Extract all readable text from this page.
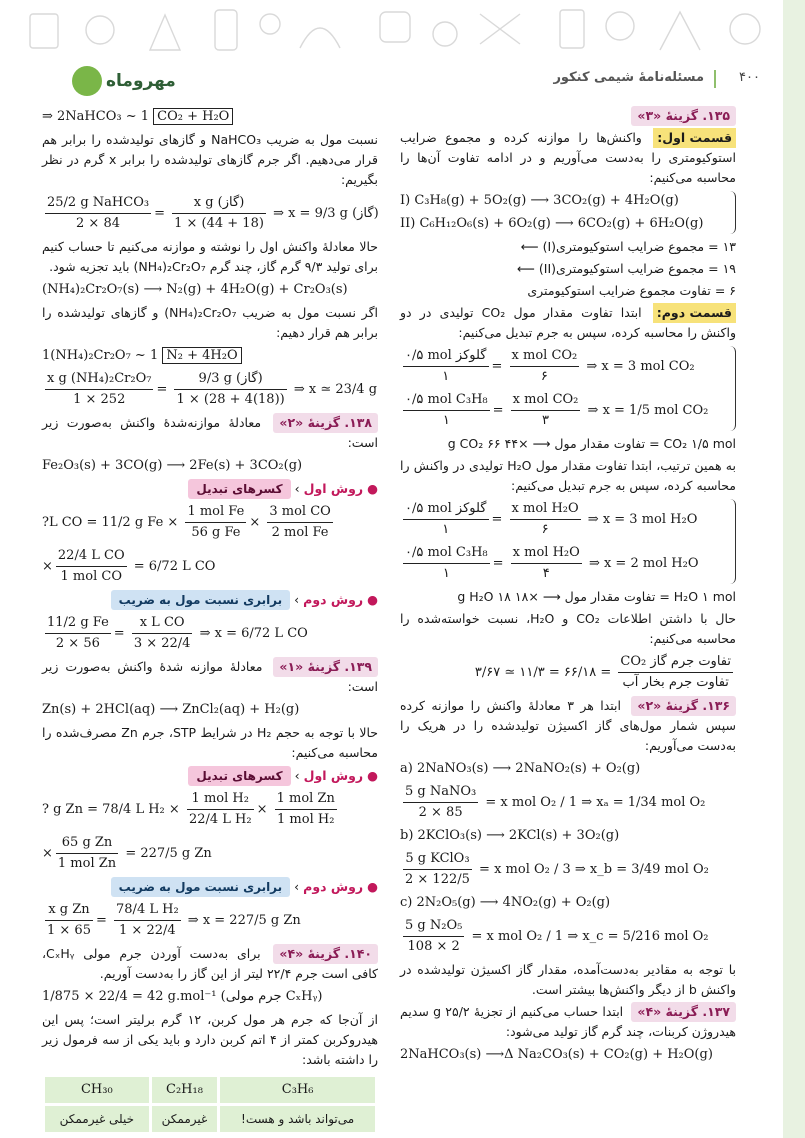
۴۰۰
مسئله‌نامهٔ شیمی کنکور
مهروماه
۱۳۵. گزینهٔ «۳»
قسمت اول: واکنش‌ها را موازنه کرده و مجموع ضرایب استوکیومتری را به‌دست می‌آوریم و در ادامه تفاوت آن‌ها را محاسبه می‌کنیم:
I) C₃H₈(g) + 5O₂(g) ⟶ 3CO₂(g) + 4H₂O(g)
II) C₆H₁₂O₆(s) + 6O₂(g) ⟶ 6CO₂(g) + 6H₂O(g)
۱۳ = مجموع ضرایب استوکیومتری(I) ⟵
۱۹ = مجموع ضرایب استوکیومتری(II) ⟵
۶ = تفاوت مجموع ضرایب استوکیومتری
قسمت دوم: ابتدا تفاوت مقدار مول CO₂ تولیدی در دو واکنش را محاسبه کرده، سپس به جرم تبدیل می‌کنیم:
$\frac{\text{۰/۵ mol گلوکز}}{۱} = \frac{\text{x mol CO₂}}{۶}$ ⇒ x = 3 mol CO₂
$\frac{\text{۰/۵ mol C₃H₈}}{۱} = \frac{\text{x mol CO₂}}{۳}$ ⇒ x = 1/5 mol CO₂
CO₂ ۱/۵ mol = تفاوت مقدار مول ⟶ ×۴۴ ۶۶ g CO₂
به همین ترتیب، ابتدا تفاوت مقدار مول H₂O تولیدی در واکنش را محاسبه کرده، سپس به جرم تبدیل می‌کنیم:
$\frac{\text{۰/۵ mol گلوکز}}{۱} = \frac{\text{x mol H₂O}}{۶}$ ⇒ x = 3 mol H₂O
$\frac{\text{۰/۵ mol C₃H₈}}{۱} = \frac{\text{x mol H₂O}}{۴}$ ⇒ x = 2 mol H₂O
H₂O ۱ mol = تفاوت مقدار مول ⟶ ×۱۸ ۱۸ g H₂O
حال با داشتن اطلاعات CO₂ و H₂O، نسبت خواسته‌شده را محاسبه می‌کنیم:
$\frac{\text{تفاوت جرم گاز CO₂}}{\text{تفاوت جرم بخار آب}}$
= ۶۶/۱۸ = ۱۱/۳ ≃ ۳/۶۷
۱۳۶. گزینهٔ «۲» ابتدا هر ۳ معادلهٔ واکنش را موازنه کرده سپس شمار مول‌های گاز اکسیژن تولیدشده را در هریک را به‌دست می‌آوریم:
a) 2NaNO₃(s) ⟶ 2NaNO₂(s) + O₂(g)
$\frac{\text{5 g NaNO₃}}{2 \times 85} = x$ mol O₂ / 1 ⇒ xₐ = 1/34 mol O₂
b) 2KClO₃(s) ⟶ 2KCl(s) + 3O₂(g)
$\frac{\text{5 g KClO₃}}{2 \times 122/5} = x$ mol O₂ / 3 ⇒ x_b = 3/49 mol O₂
c) 2N₂O₅(g) ⟶ 4NO₂(g) + O₂(g)
$\frac{\text{5 g N₂O₅}}{108 \times 2} = x$ mol O₂ / 1 ⇒ x_c = 5/216 mol O₂
با توجه به مقادیر به‌دست‌آمده، مقدار گاز اکسیژن تولیدشده در واکنش b از دیگر واکنش‌ها بیشتر است.
۱۳۷. گزینهٔ «۴» ابتدا حساب می‌کنیم از تجزیهٔ ۲۵/۲ g سدیم هیدروژن کربنات، چند گرم گاز تولید می‌شود:
2NaHCO₃(s) ⟶Δ Na₂CO₃(s) + CO₂(g) + H₂O(g)
⇒ 2NaHCO₃ ~ 1 CO₂ + H₂O
نسبت مول به ضریب NaHCO₃ و گازهای تولیدشده را برابر هم قرار می‌دهیم. اگر جرم گازهای تولیدشده را برابر x گرم در نظر بگیریم:
$\frac{\text{25/2 g NaHCO₃}}{2 \times 84} = \frac{\text{x g (گاز)}}{1 \times (44 + 18)}$ ⇒ x = 9/3 g (گاز)
حالا معادلهٔ واکنش اول را نوشته و موازنه می‌کنیم تا حساب کنیم برای تولید ۹/۳ گرم گاز، چند گرم ‎(NH₄)₂Cr₂O₇ باید تجزیه شود.
(NH₄)₂Cr₂O₇(s) ⟶ N₂(g) + 4H₂O(g) + Cr₂O₃(s)
اگر نسبت مول به ضریب ‎(NH₄)₂Cr₂O₇ و گازهای تولیدشده را برابر هم قرار دهیم:
1(NH₄)₂Cr₂O₇ ~ 1 N₂ + 4H₂O
$\frac{\text{x g (NH₄)₂Cr₂O₇}}{1 \times 252} = \frac{\text{9/3 g (گاز)}}{1 \times (28 + 4(18))}$ ⇒ x ≃ 23/4 g
۱۳۸. گزینهٔ «۲» معادلهٔ موازنه‌شدهٔ واکنش به‌صورت زیر است:
Fe₂O₃(s) + 3CO(g) ⟶ 2Fe(s) + 3CO₂(g)
●
روش اول
›
کسرهای تبدیل
?L CO = 11/2 g $Fe \times \frac{\text{1 mol Fe}}{\text{56 g Fe}} \times \frac{\text{3 mol CO}}{\text{2 mol Fe}}$
× $\frac{\text{22/4 L CO}}{\text{1 mol CO}} = 6/72$ L CO
●
روش دوم
›
برابری نسبت مول به ضریب
$\frac{\text{11/2 g Fe}}{2 \times 56} = \frac{\text{x L CO}}{3 \times 22/4}$ ⇒ x = 6/72 L CO
۱۳۹. گزینهٔ «۱» معادلهٔ موازنه شدهٔ واکنش به‌صورت زیر است:
Zn(s) + 2HCl(aq) ⟶ ZnCl₂(aq) + H₂(g)
حالا با توجه به حجم H₂ در شرایط STP، جرم Zn مصرف‌شده را محاسبه می‌کنیم:
●
روش اول
›
کسرهای تبدیل
? g Zn = 78/4 L $H_2 \times \frac{\text{1 mol H₂}}{\text{22/4 L H₂}} \times \frac{\text{1 mol Zn}}{\text{1 mol H₂}}$
× $\frac{\text{65 g Zn}}{\text{1 mol Zn}} = 227/5$ g Zn
●
روش دوم
›
برابری نسبت مول به ضریب
$\frac{\text{x g Zn}}{1 \times 65} = \frac{\text{78/4 L H₂}}{1 \times 22/4}$ ⇒ x = 227/5 g Zn
۱۴۰. گزینهٔ «۴» برای به‌دست آوردن جرم مولی CₓHᵧ، کافی است جرم ۲۲/۴ لیتر از این گاز را به‌دست آوریم.
1/875 × 22/4 = 42 g.mol⁻¹ (جرم مولی CₓHᵧ)
از آن‌جا که جرم هر مول کربن، ۱۲ گرم برلیتر است؛ پس این هیدروکربن کمتر از ۴ اتم کربن دارد و باید یکی از سه فرمول زیر را داشته باشد:
C₃H₆	C₂H₁₈	CH₃₀
می‌تواند باشد و هست!	غیرممکن	خیلی غیرممکن
